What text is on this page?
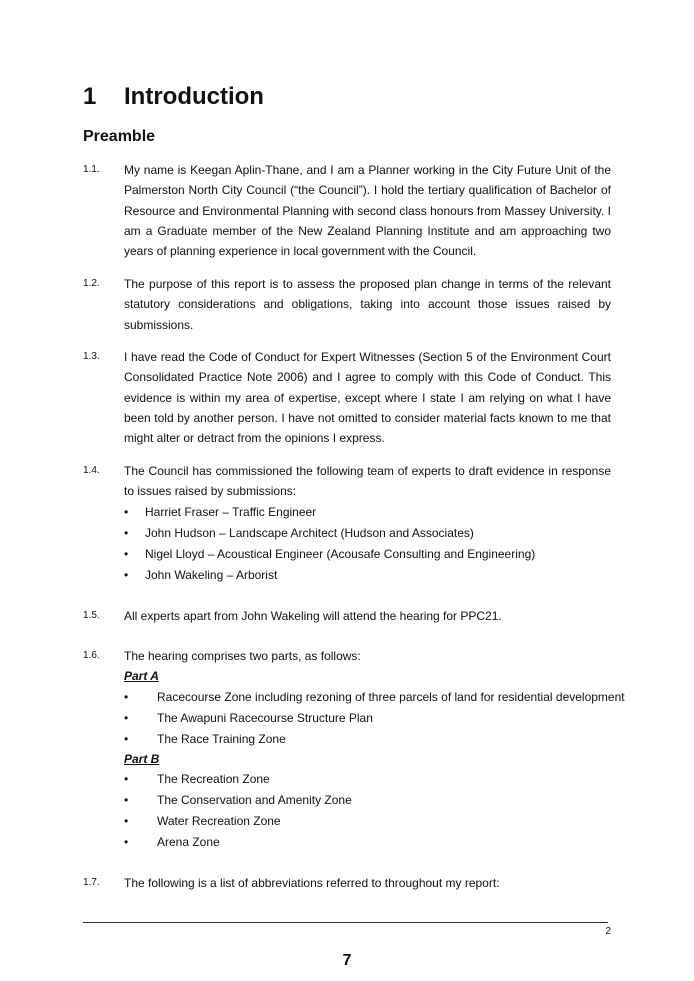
1 Introduction
Preamble
1.1. My name is Keegan Aplin-Thane, and I am a Planner working in the City Future Unit of the Palmerston North City Council (“the Council”). I hold the tertiary qualification of Bachelor of Resource and Environmental Planning with second class honours from Massey University. I am a Graduate member of the New Zealand Planning Institute and am approaching two years of planning experience in local government with the Council.
1.2. The purpose of this report is to assess the proposed plan change in terms of the relevant statutory considerations and obligations, taking into account those issues raised by submissions.
1.3. I have read the Code of Conduct for Expert Witnesses (Section 5 of the Environment Court Consolidated Practice Note 2006) and I agree to comply with this Code of Conduct. This evidence is within my area of expertise, except where I state I am relying on what I have been told by another person. I have not omitted to consider material facts known to me that might alter or detract from the opinions I express.
1.4. The Council has commissioned the following team of experts to draft evidence in response to issues raised by submissions:
• Harriet Fraser – Traffic Engineer
• John Hudson – Landscape Architect (Hudson and Associates)
• Nigel Lloyd – Acoustical Engineer (Acousafe Consulting and Engineering)
• John Wakeling – Arborist
1.5. All experts apart from John Wakeling will attend the hearing for PPC21.
1.6. The hearing comprises two parts, as follows:
Part A
• Racecourse Zone including rezoning of three parcels of land for residential development
• The Awapuni Racecourse Structure Plan
• The Race Training Zone
Part B
• The Recreation Zone
• The Conservation and Amenity Zone
• Water Recreation Zone
• Arena Zone
1.7. The following is a list of abbreviations referred to throughout my report:
2
7
